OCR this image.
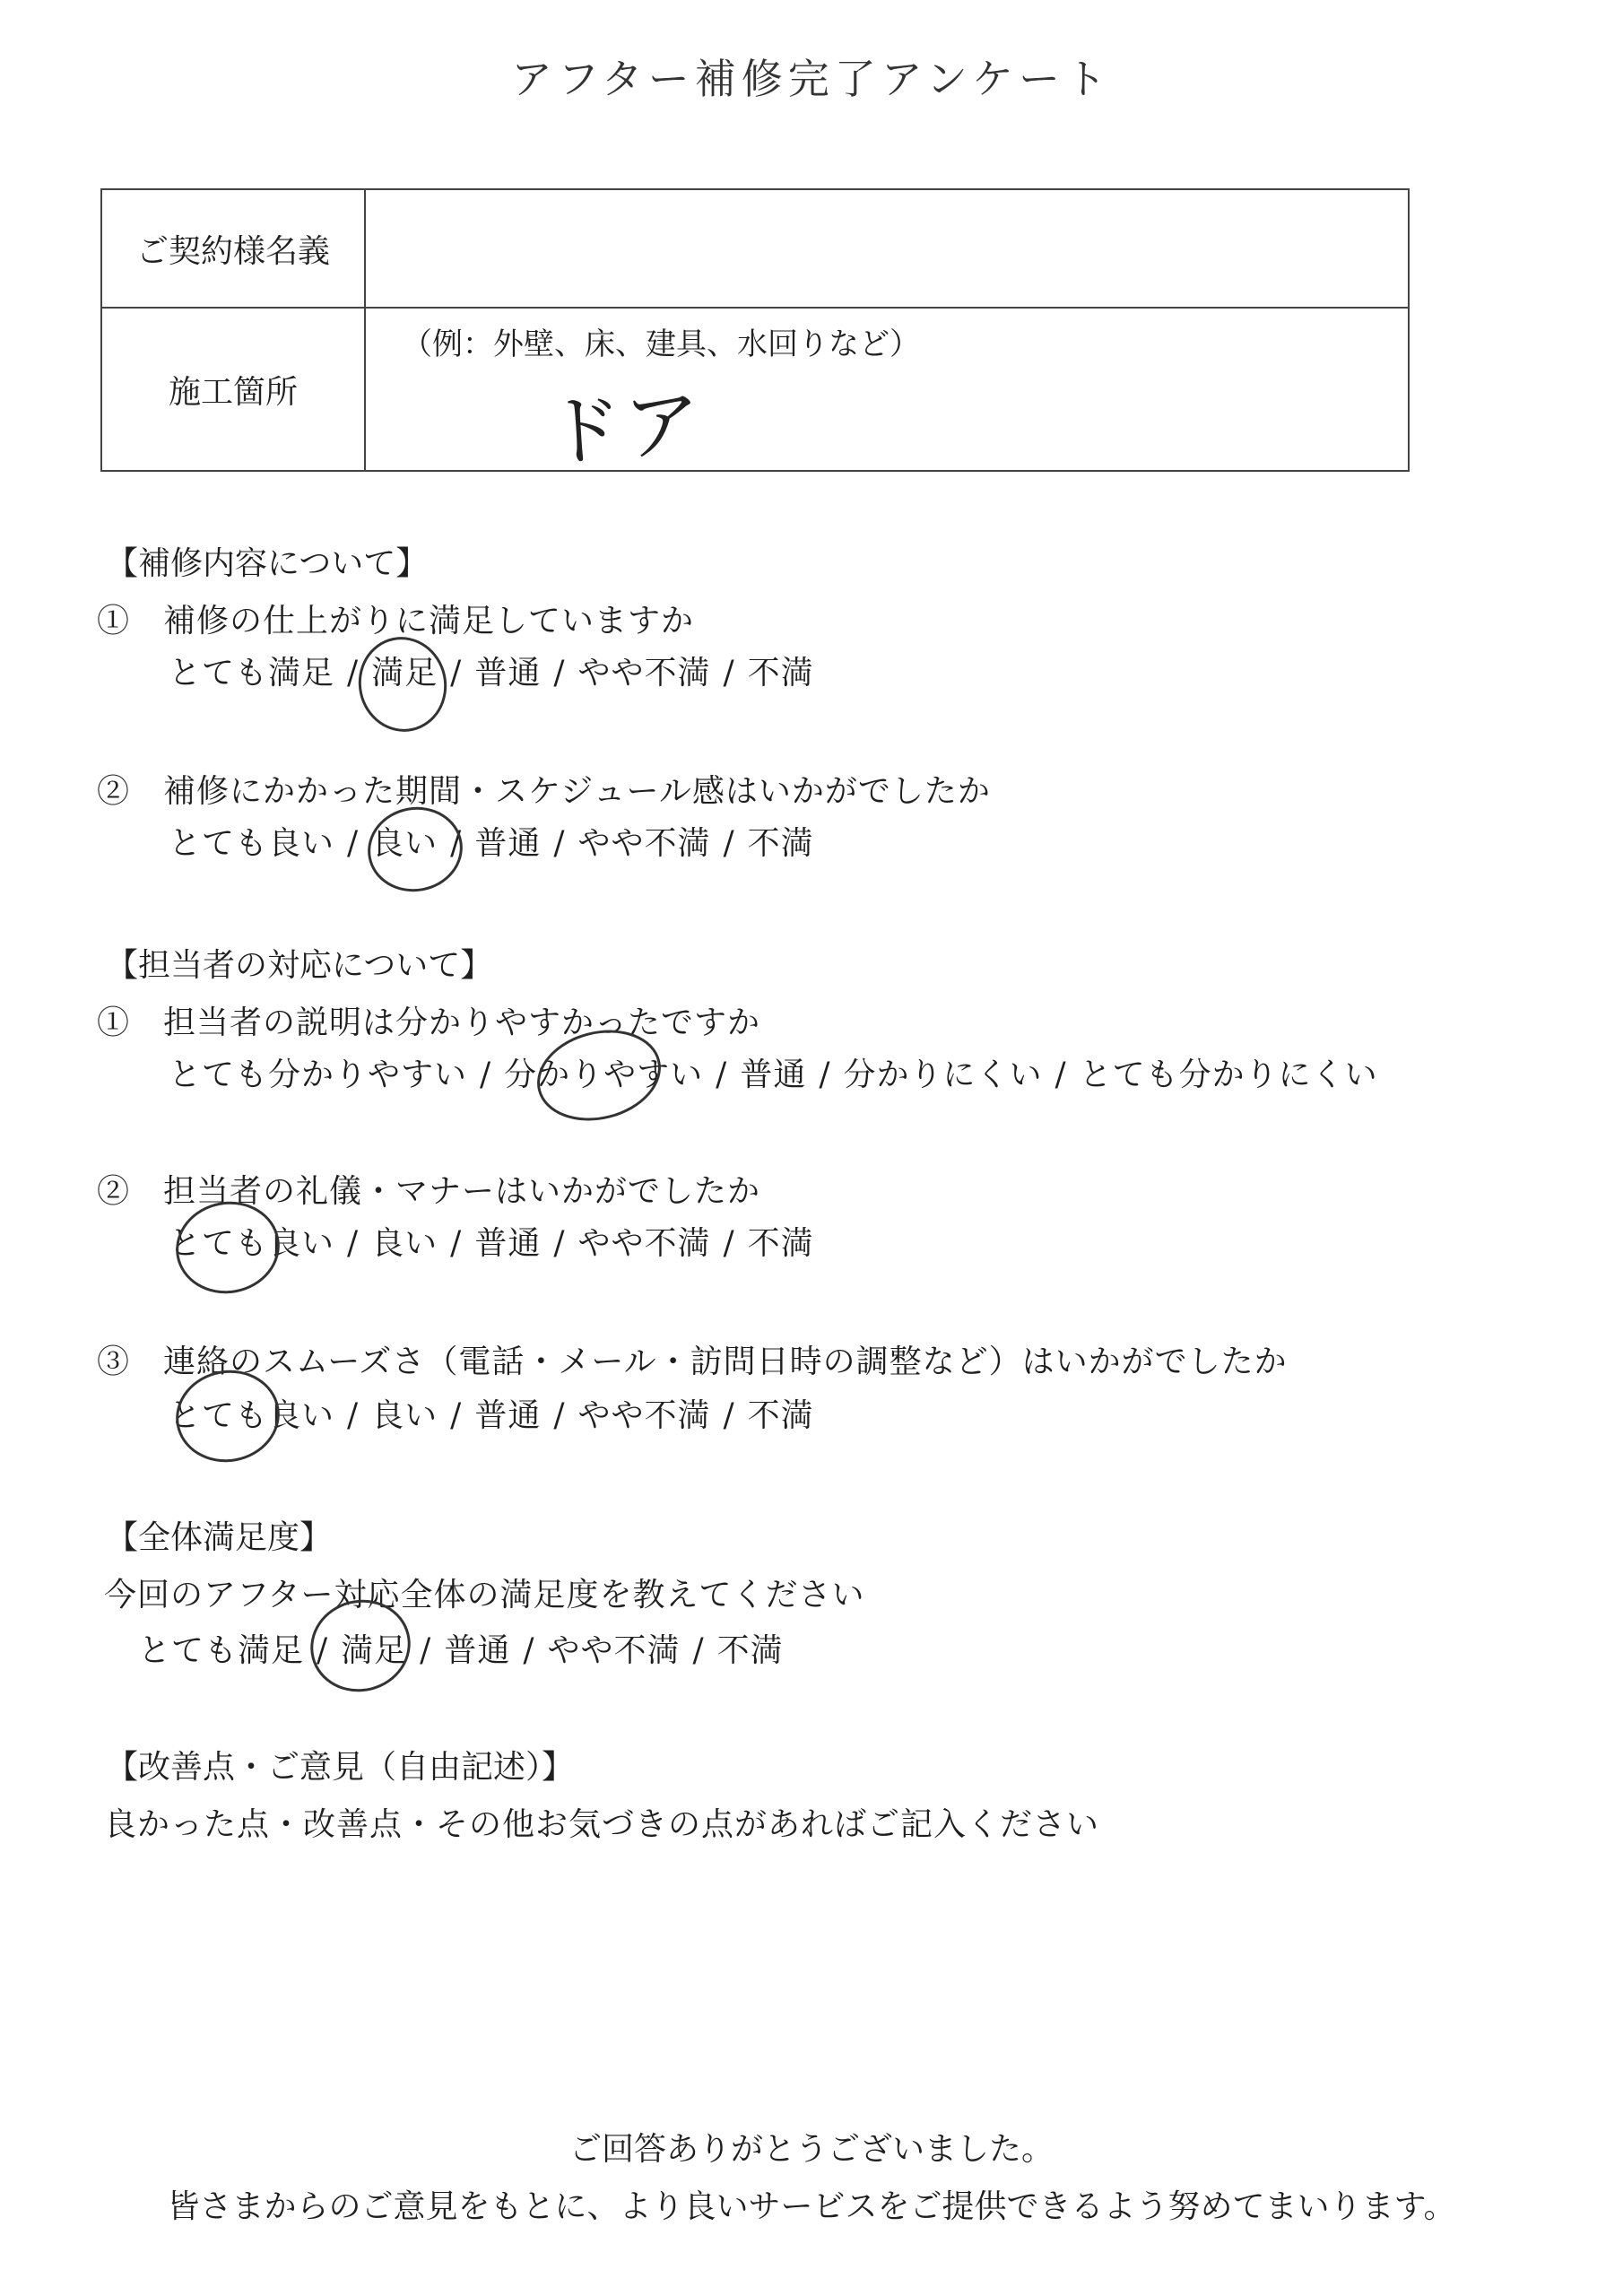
アフター補修完了アンケート
ご契約様名義	
施工箇所	（例：外壁、床、建具、水回りなど）
ドア
【補修内容について】
①　補修の仕上がりに満足していますか
とても満足 / 満足 / 普通 / やや不満 / 不満
②　補修にかかった期間・スケジュール感はいかがでしたか
とても良い / 良い / 普通 / やや不満 / 不満
【担当者の対応について】
①　担当者の説明は分かりやすかったですか
とても分かりやすい / 分かりやすい / 普通 / 分かりにくい / とても分かりにくい
②　担当者の礼儀・マナーはいかがでしたか
とても良い / 良い / 普通 / やや不満 / 不満
③　連絡のスムーズさ（電話・メール・訪問日時の調整など）はいかがでしたか
とても良い / 良い / 普通 / やや不満 / 不満
【全体満足度】
今回のアフター対応全体の満足度を教えてください
とても満足 / 満足 / 普通 / やや不満 / 不満
【改善点・ご意見（自由記述）】
良かった点・改善点・その他お気づきの点があればご記入ください
ご回答ありがとうございました。
皆さまからのご意見をもとに、より良いサービスをご提供できるよう努めてまいります。
